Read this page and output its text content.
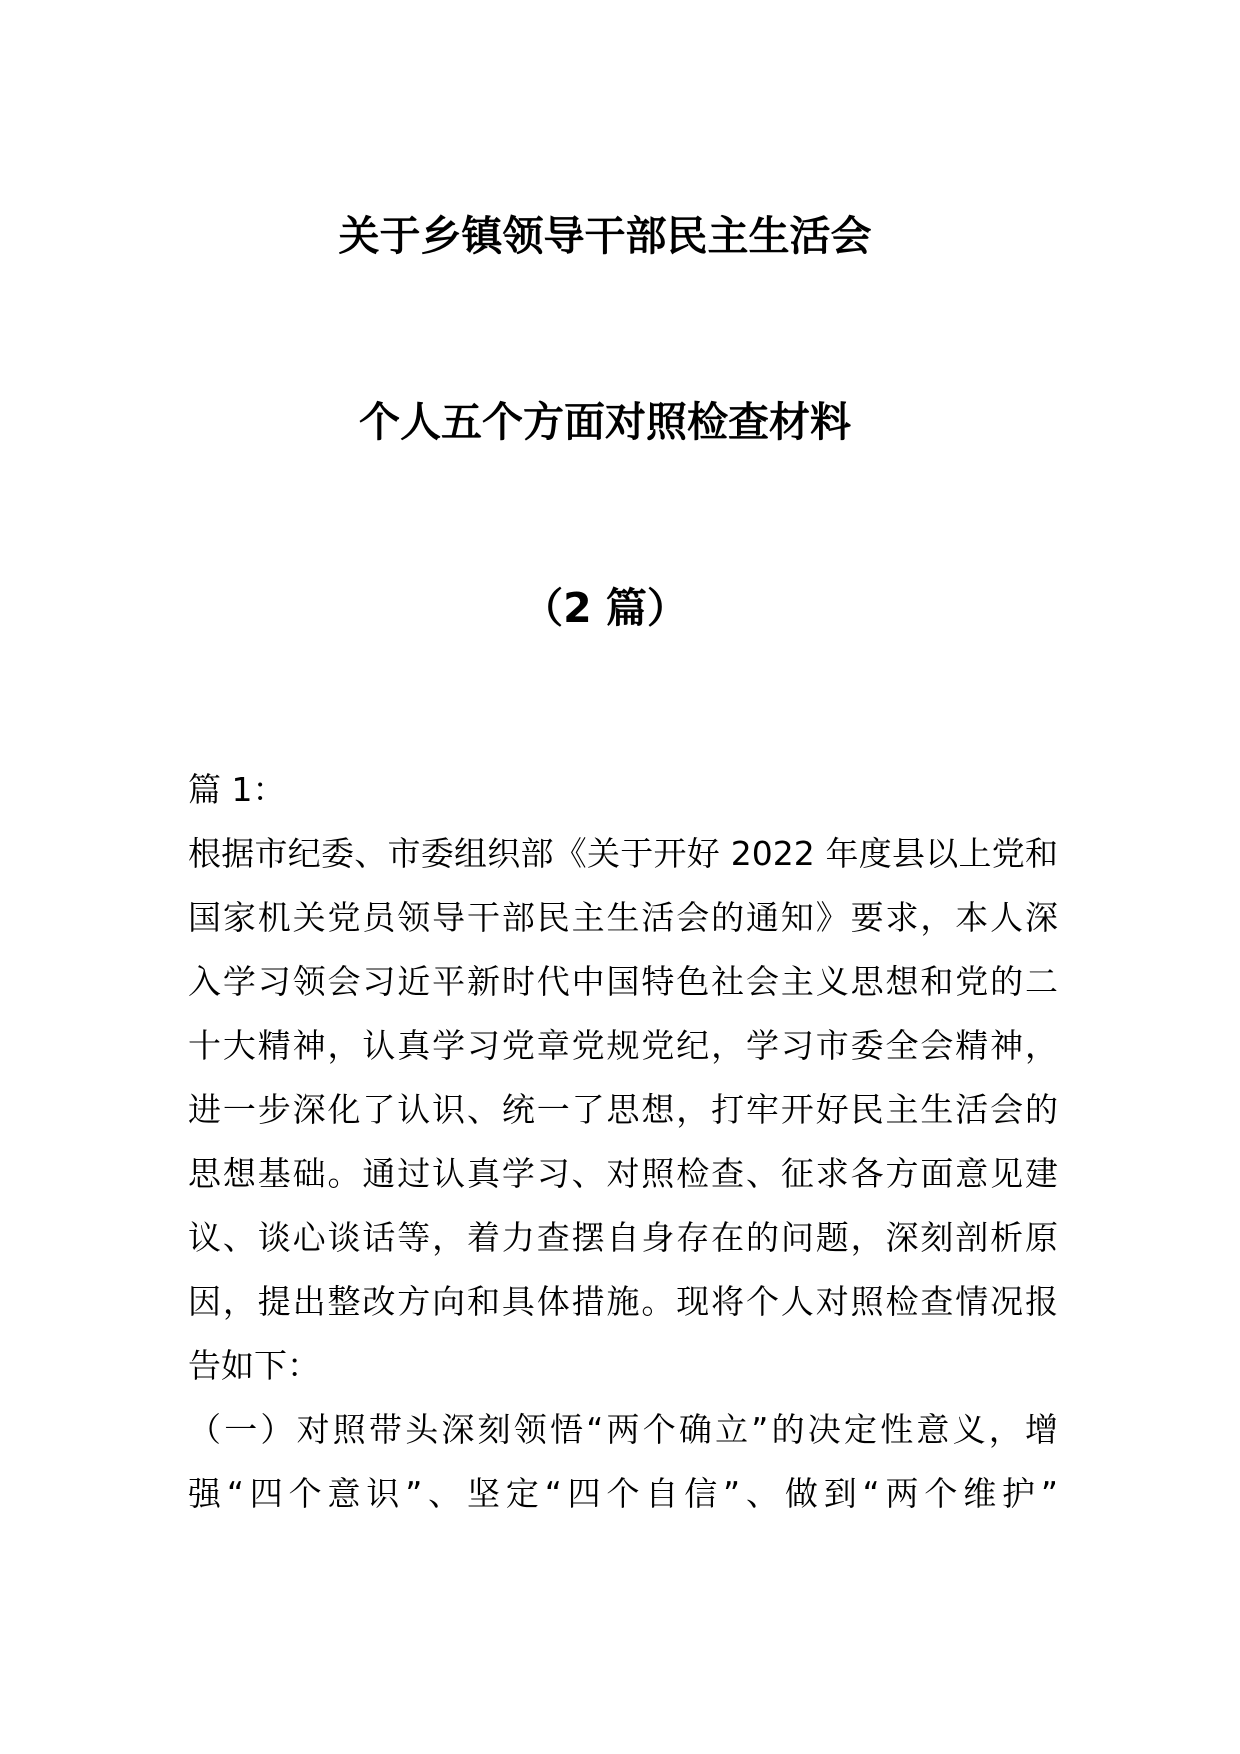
关于乡镇领导干部民主生活会
个人五个方面对照检查材料
（2 篇）
篇 1：
根据市纪委、市委组织部《关于开好 2022 年度县以上党和
国家机关党员领导干部民主生活会的通知》要求，本人深
入学习领会习近平新时代中国特色社会主义思想和党的二
十大精神，认真学习党章党规党纪，学习市委全会精神，
进一步深化了认识、统一了思想，打牢开好民主生活会的
思想基础。通过认真学习、对照检查、征求各方面意见建
议、谈心谈话等，着力查摆自身存在的问题，深刻剖析原
因，提出整改方向和具体措施。现将个人对照检查情况报
告如下：
（一）对照带头深刻领悟“两个确立”的决定性意义，增
强“四个意识”、坚定“四个自信”、做到“两个维护”
